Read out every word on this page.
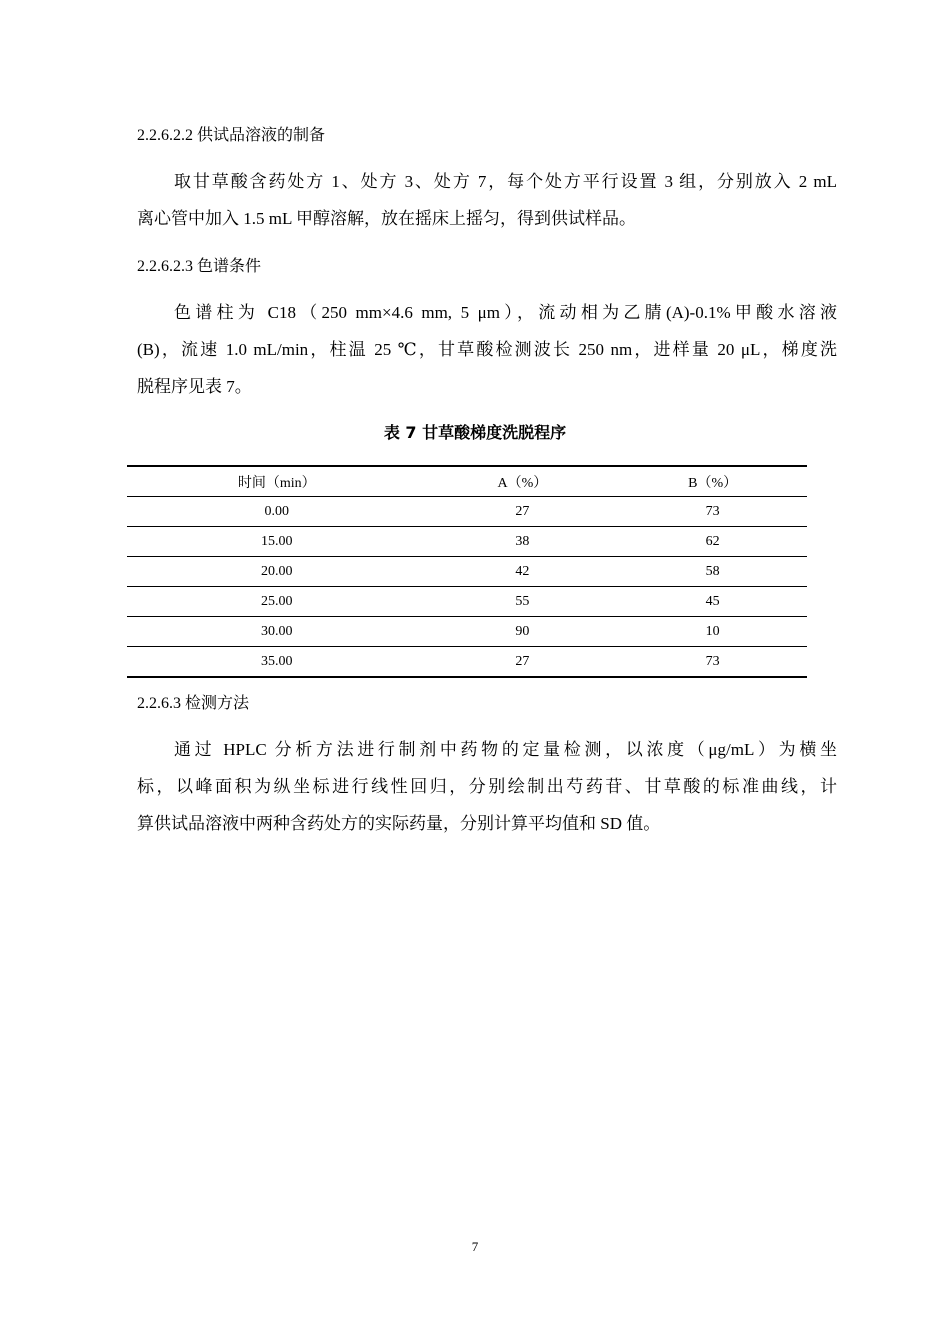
2.2.6.2.2 供试品溶液的制备
取甘草酸含药处方 1、处方 3、处方 7，每个处方平行设置 3 组，分别放入 2 mL
离心管中加入 1.5 mL 甲醇溶解，放在摇床上摇匀，得到供试样品。
2.2.6.2.3 色谱条件
色谱柱为 C18（250 mm×4.6 mm, 5 μm），流动相为乙腈(A)-0.1%甲酸水溶液
(B)，流速 1.0 mL/min，柱温 25 ℃，甘草酸检测波长 250 nm，进样量 20 μL，梯度洗
脱程序见表 7。
表 7 甘草酸梯度洗脱程序
时间（min）	A（%）	B（%）
0.00	27	73
15.00	38	62
20.00	42	58
25.00	55	45
30.00	90	10
35.00	27	73
2.2.6.3 检测方法
通过 HPLC 分析方法进行制剂中药物的定量检测，以浓度（μg/mL）为横坐
标，以峰面积为纵坐标进行线性回归，分别绘制出芍药苷、甘草酸的标准曲线，计
算供试品溶液中两种含药处方的实际药量，分别计算平均值和 SD 值。
7
